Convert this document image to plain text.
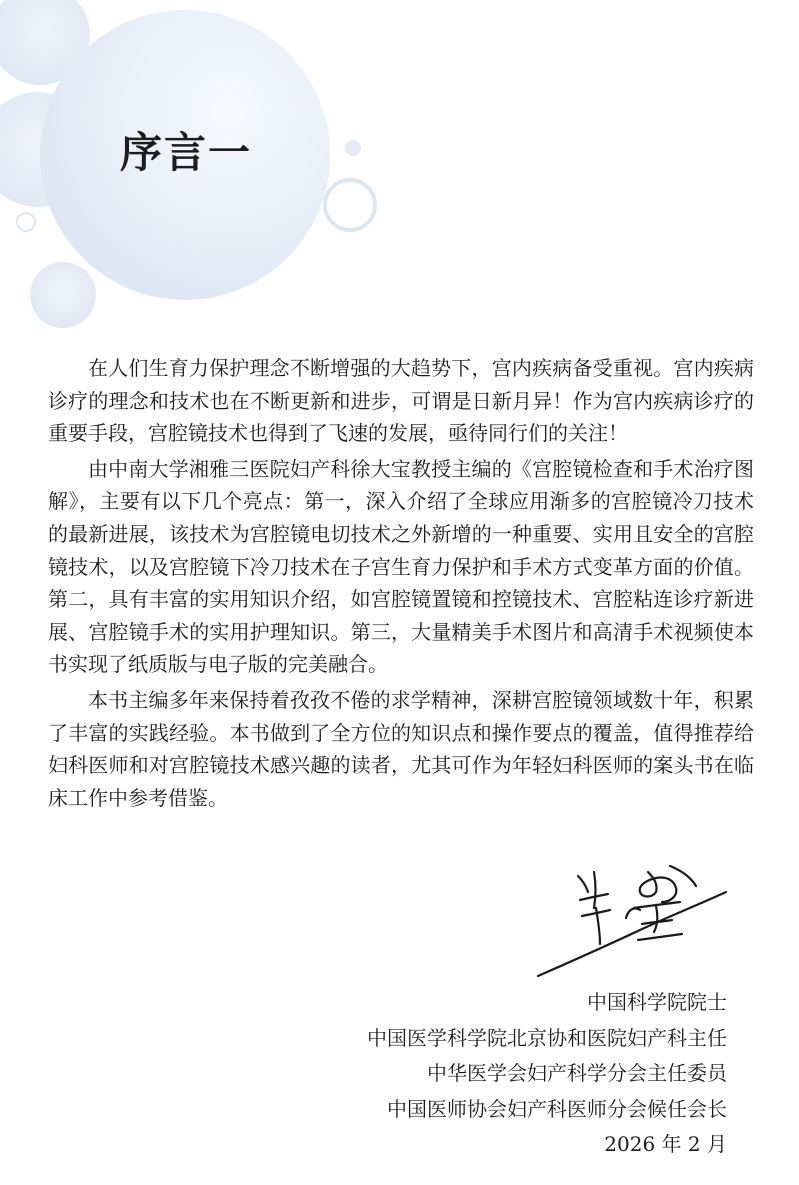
序言一

在人们生育力保护理念不断增强的大趋势下，宫内疾病备受重视。宫内疾病诊疗的理念和技术也在不断更新和进步，可谓是日新月异！作为宫内疾病诊疗的重要手段，宫腔镜技术也得到了飞速的发展，亟待同行们的关注！

由中南大学湘雅三医院妇产科徐大宝教授主编的《宫腔镜检查和手术治疗图解》，主要有以下几个亮点：第一，深入介绍了全球应用渐多的宫腔镜冷刀技术的最新进展，该技术为宫腔镜电切技术之外新增的一种重要、实用且安全的宫腔镜技术，以及宫腔镜下冷刀技术在子宫生育力保护和手术方式变革方面的价值。第二，具有丰富的实用知识介绍，如宫腔镜置镜和控镜技术、宫腔粘连诊疗新进展、宫腔镜手术的实用护理知识。第三，大量精美手术图片和高清手术视频使本书实现了纸质版与电子版的完美融合。

本书主编多年来保持着孜孜不倦的求学精神，深耕宫腔镜领域数十年，积累了丰富的实践经验。本书做到了全方位的知识点和操作要点的覆盖，值得推荐给妇科医师和对宫腔镜技术感兴趣的读者，尤其可作为年轻妇科医师的案头书在临床工作中参考借鉴。

中国科学院院士
中国医学科学院北京协和医院妇产科主任
中华医学会妇产科学分会主任委员
中国医师协会妇产科医师分会候任会长
2026 年 2 月
